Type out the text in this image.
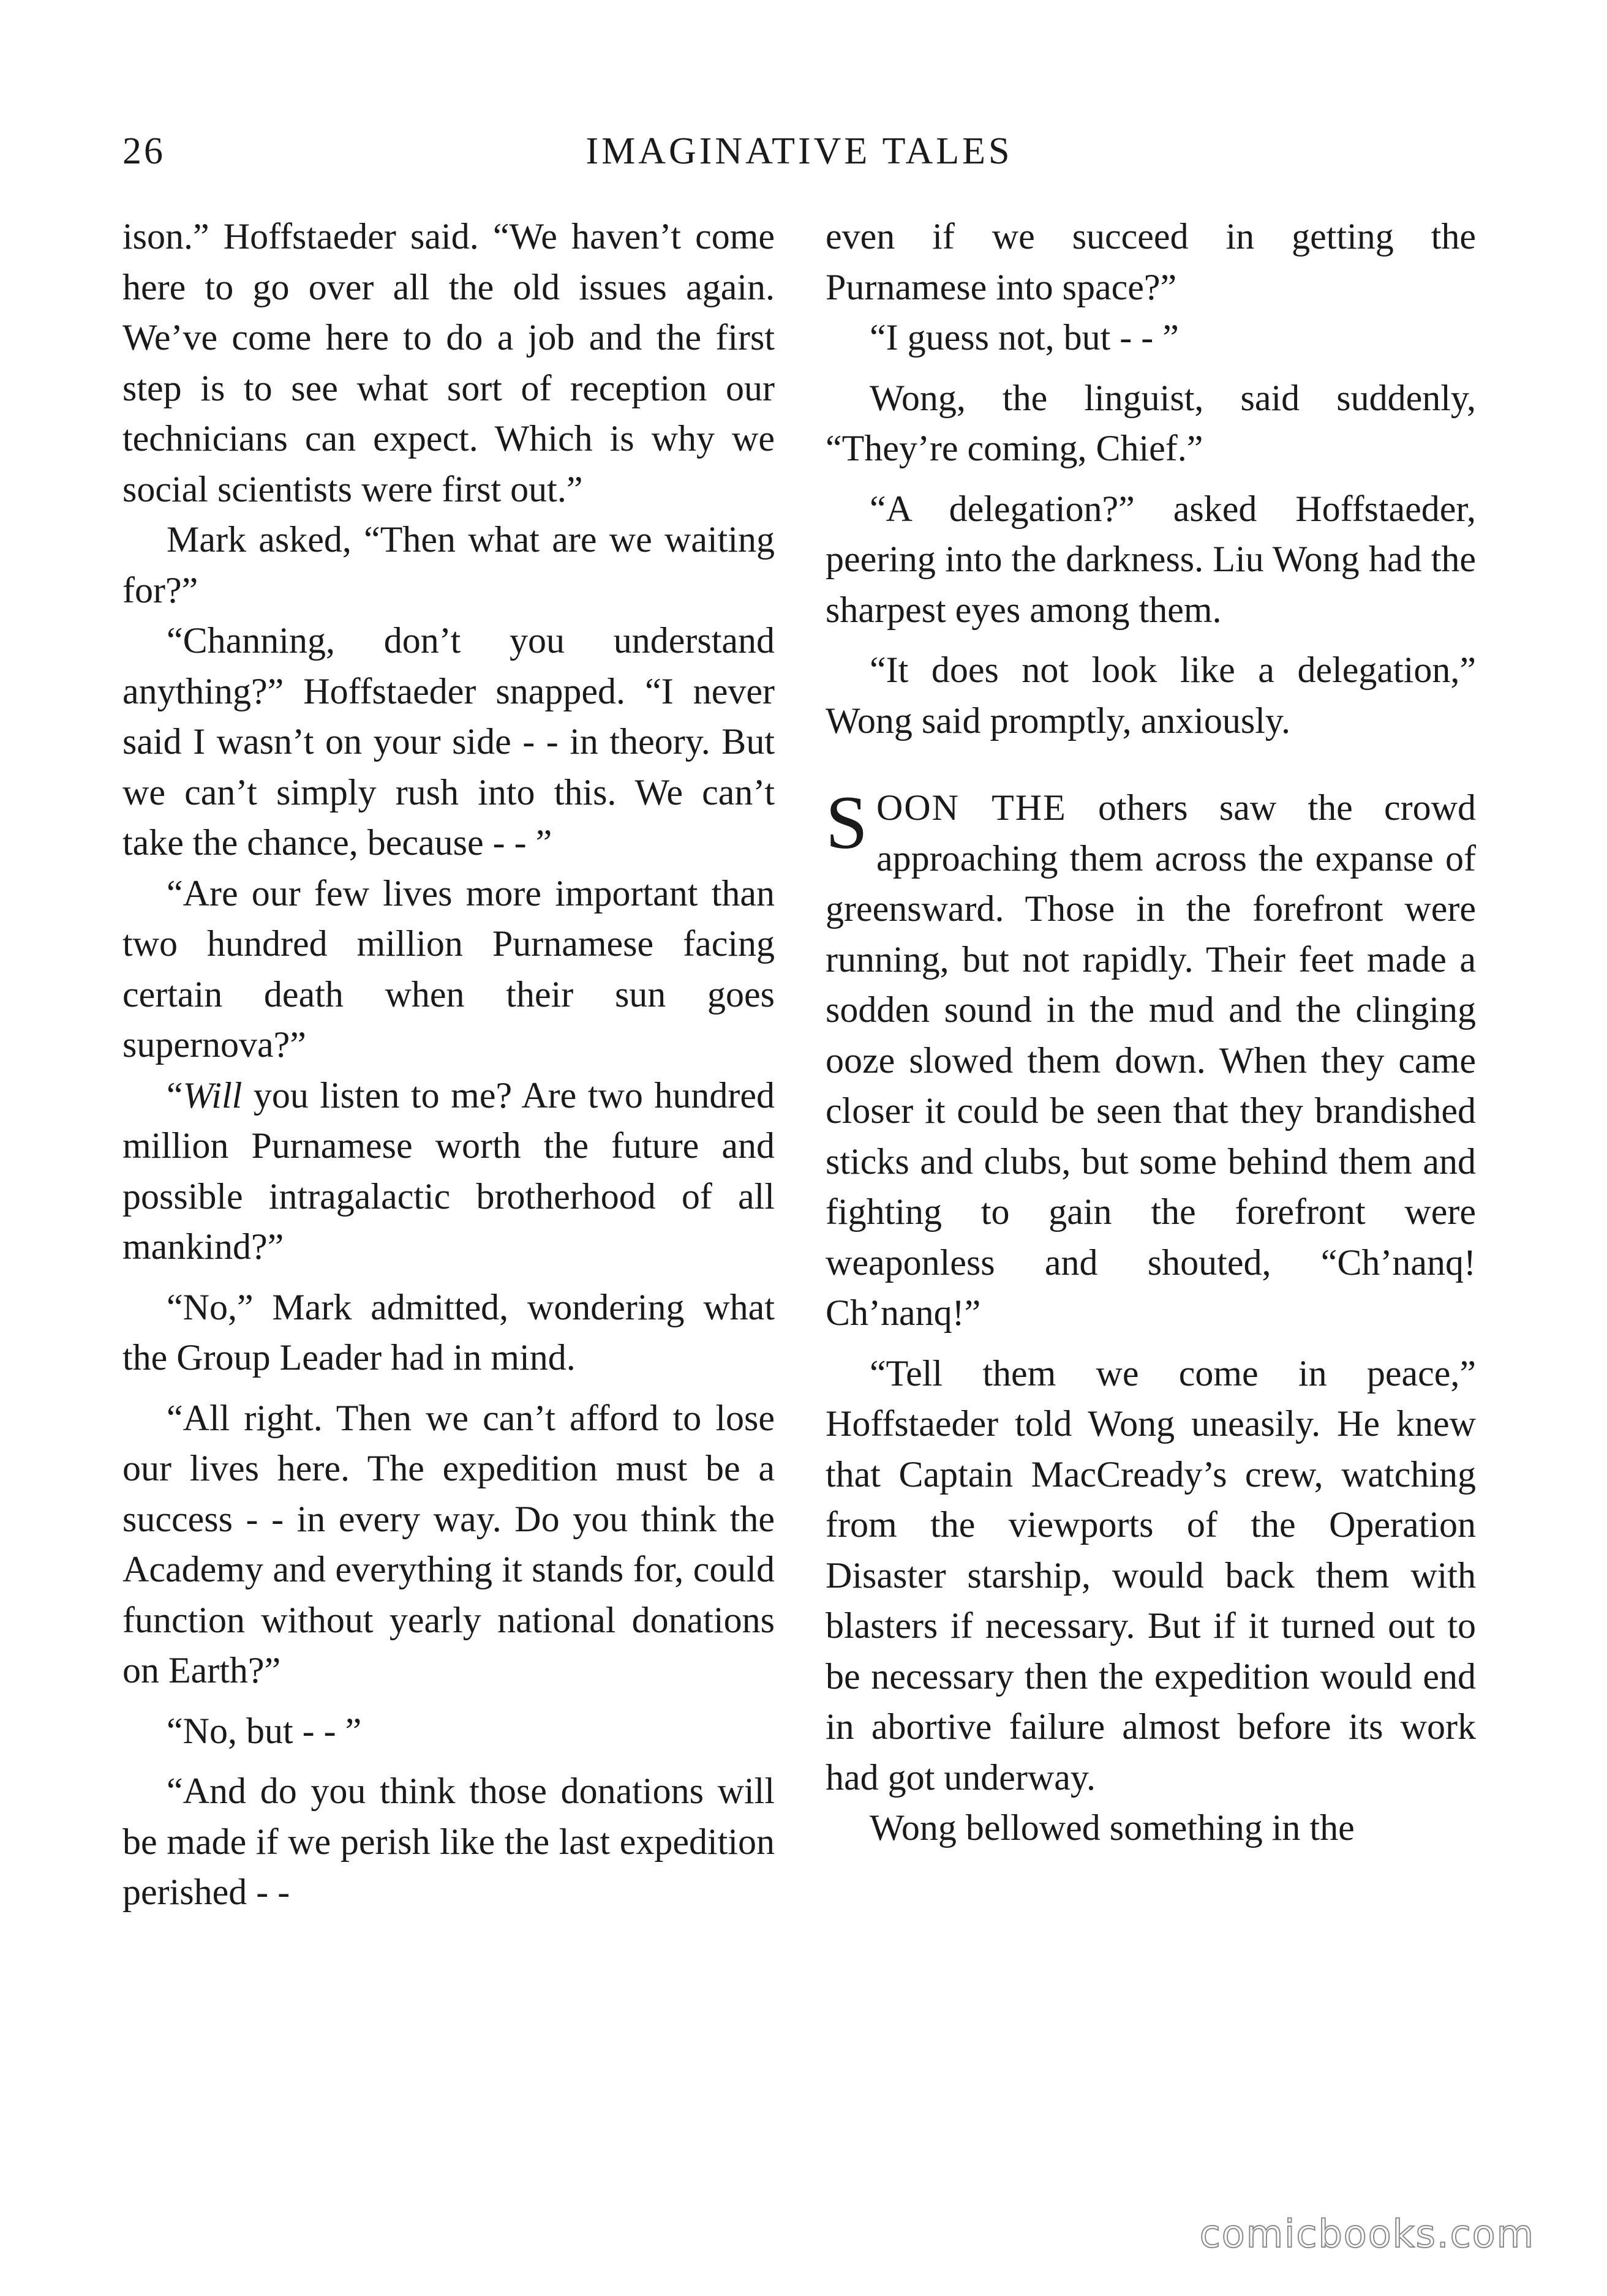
26	IMAGINATIVE TALES

ison.” Hoffstaeder said. “We haven’t come here to go over all the old issues again. We’ve come here to do a job and the first step is to see what sort of reception our technicians can expect. Which is why we social scientists were first out.”

Mark asked, “Then what are we waiting for?”

“Channing, don’t you understand anything?” Hoffstaeder snapped. “I never said I wasn’t on your side - - in theory. But we can’t simply rush into this. We can’t take the chance, because - - ”

“Are our few lives more important than two hundred million Purnamese facing certain death when their sun goes supernova?”

“Will you listen to me? Are two hundred million Purnamese worth the future and possible intragalactic brotherhood of all mankind?”

“No,” Mark admitted, wondering what the Group Leader had in mind.

“All right. Then we can’t afford to lose our lives here. The expedition must be a success - - in every way. Do you think the Academy and everything it stands for, could function without yearly national donations on Earth?”

“No, but - - ”

“And do you think those donations will be made if we perish like the last expedition perished - -

even if we succeed in getting the Purnamese into space?”

“I guess not, but - - ”

Wong, the linguist, said suddenly, “They’re coming, Chief.”

“A delegation?” asked Hoffstaeder, peering into the darkness. Liu Wong had the sharpest eyes among them.

“It does not look like a delegation,” Wong said promptly, anxiously.

SOON THE others saw the crowd approaching them across the expanse of greensward. Those in the forefront were running, but not rapidly. Their feet made a sodden sound in the mud and the clinging ooze slowed them down. When they came closer it could be seen that they brandished sticks and clubs, but some behind them and fighting to gain the forefront were weaponless and shouted, “Ch’nanq! Ch’nanq!”

“Tell them we come in peace,” Hoffstaeder told Wong uneasily. He knew that Captain MacCready’s crew, watching from the viewports of the Operation Disaster starship, would back them with blasters if necessary. But if it turned out to be necessary then the expedition would end in abortive failure almost before its work had got underway.

Wong bellowed something in the

comicbooks.com
